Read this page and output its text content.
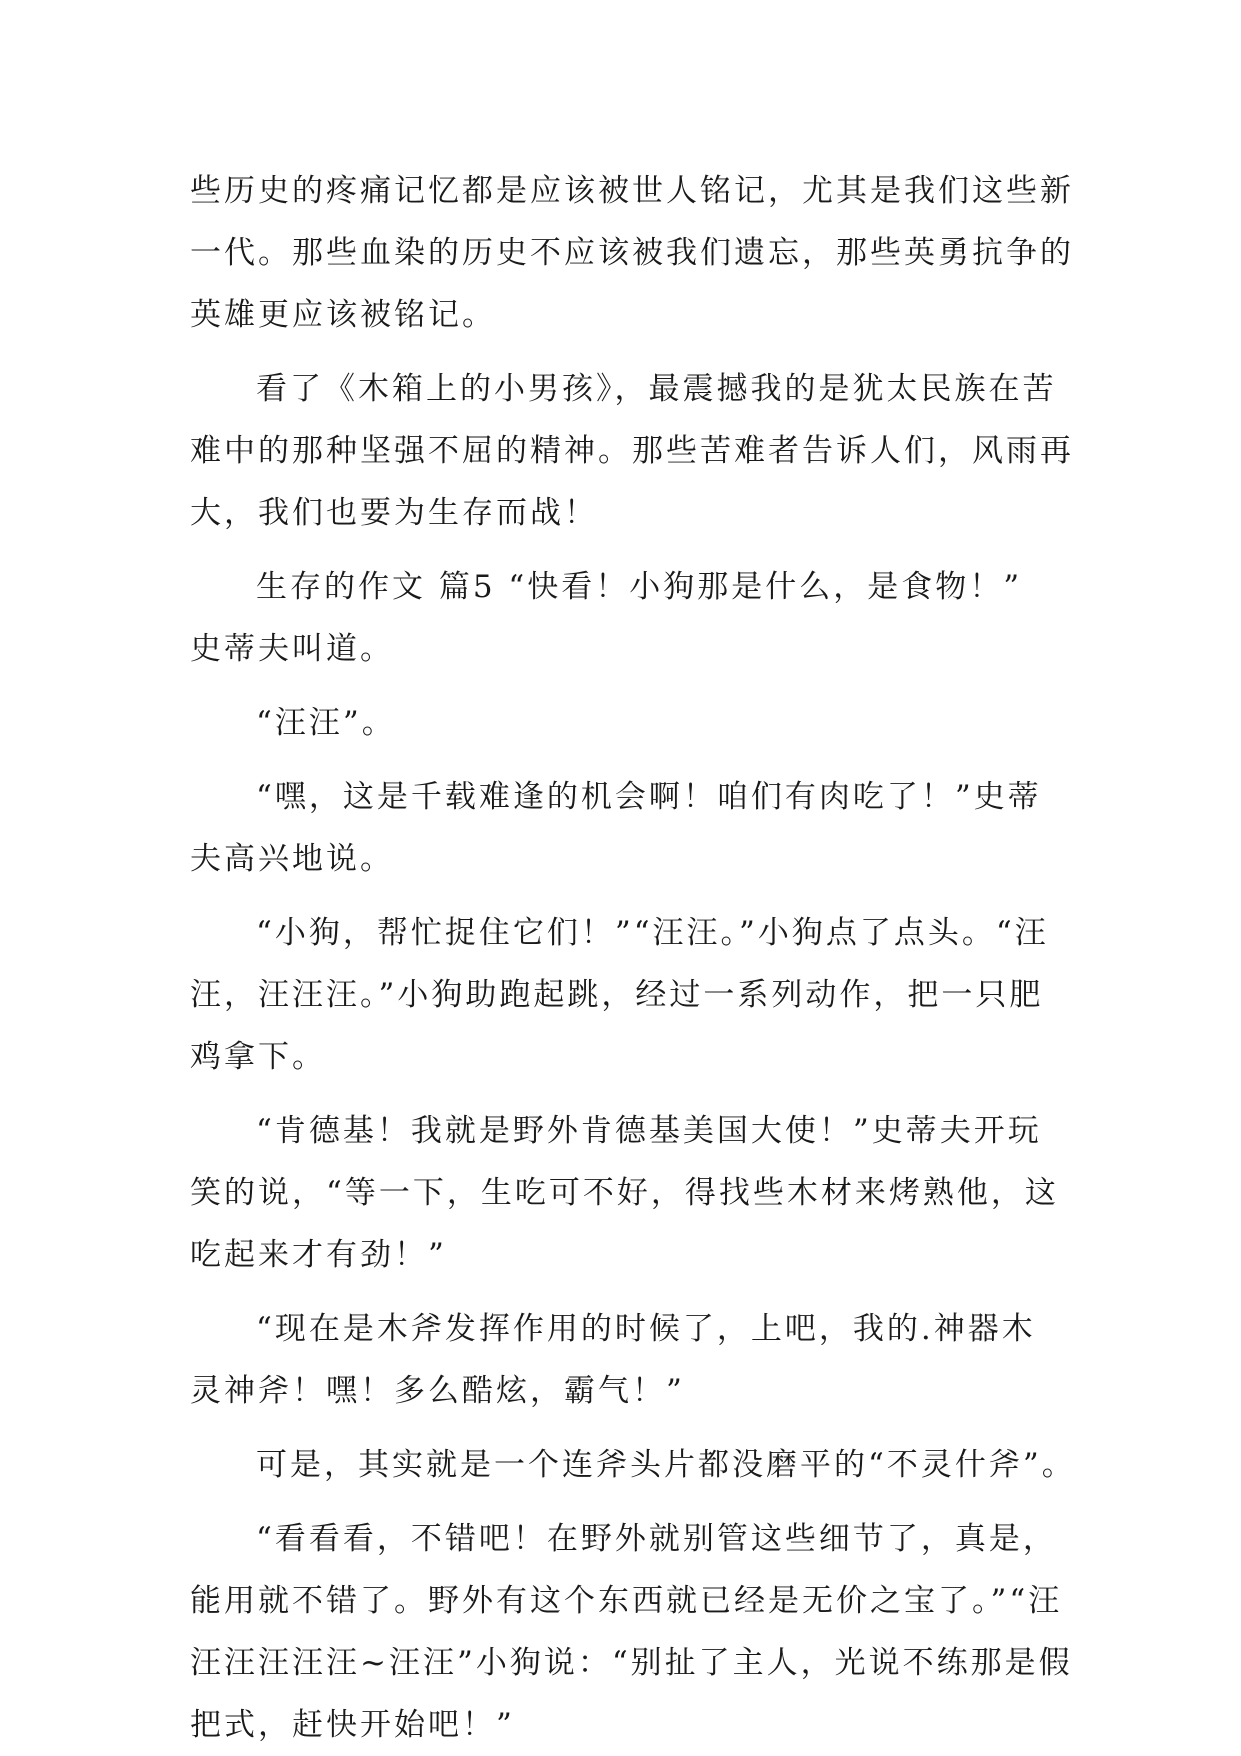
些历史的疼痛记忆都是应该被世人铭记，尤其是我们这些新
一代。那些血染的历史不应该被我们遗忘，那些英勇抗争的
英雄更应该被铭记。
看了《木箱上的小男孩》，最震撼我的是犹太民族在苦
难中的那种坚强不屈的精神。那些苦难者告诉人们，风雨再
大，我们也要为生存而战！
生存的作文 篇5 “快看！小狗那是什么，是食物！”
史蒂夫叫道。
“汪汪”。
“嘿，这是千载难逢的机会啊！咱们有肉吃了！”史蒂
夫高兴地说。
“小狗，帮忙捉住它们！”“汪汪。”小狗点了点头。“汪
汪，汪汪汪。”小狗助跑起跳，经过一系列动作，把一只肥
鸡拿下。
“肯德基！我就是野外肯德基美国大使！”史蒂夫开玩
笑的说，“等一下，生吃可不好，得找些木材来烤熟他，这
吃起来才有劲！”
“现在是木斧发挥作用的时候了，上吧，我的.神器木
灵神斧！嘿！多么酷炫，霸气！”
可是，其实就是一个连斧头片都没磨平的“不灵什斧”。
“看看看，不错吧！在野外就别管这些细节了，真是，
能用就不错了。野外有这个东西就已经是无价之宝了。”“汪
汪汪汪汪汪~汪汪”小狗说：“别扯了主人，光说不练那是假
把式，赶快开始吧！”
